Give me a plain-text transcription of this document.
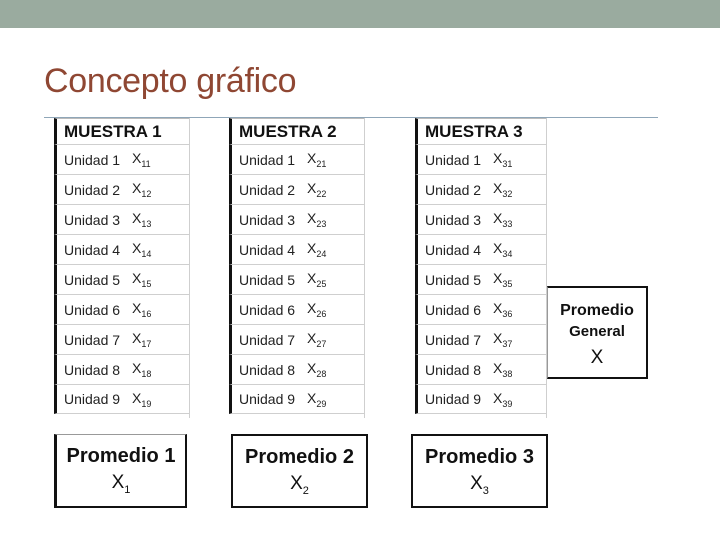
Concepto gráfico
MUESTRA 1
Unidad 1 $X_{11}$
Unidad 2 $X_{12}$
Unidad 3 $X_{13}$
Unidad 4 $X_{14}$
Unidad 5 $X_{15}$
Unidad 6 $X_{16}$
Unidad 7 $X_{17}$
Unidad 8 $X_{18}$
Unidad 9 $X_{19}$
MUESTRA 2
Unidad 1 $X_{21}$
Unidad 2 $X_{22}$
Unidad 3 $X_{23}$
Unidad 4 $X_{24}$
Unidad 5 $X_{25}$
Unidad 6 $X_{26}$
Unidad 7 $X_{27}$
Unidad 8 $X_{28}$
Unidad 9 $X_{29}$
MUESTRA 3
Unidad 1 $X_{31}$
Unidad 2 $X_{32}$
Unidad 3 $X_{33}$
Unidad 4 $X_{34}$
Unidad 5 $X_{35}$
Unidad 6 $X_{36}$
Unidad 7 $X_{37}$
Unidad 8 $X_{38}$
Unidad 9 $X_{39}$
Promedio
General
X
Promedio 1
$X_1$
Promedio 2
$X_2$
Promedio 3
$X_3$
